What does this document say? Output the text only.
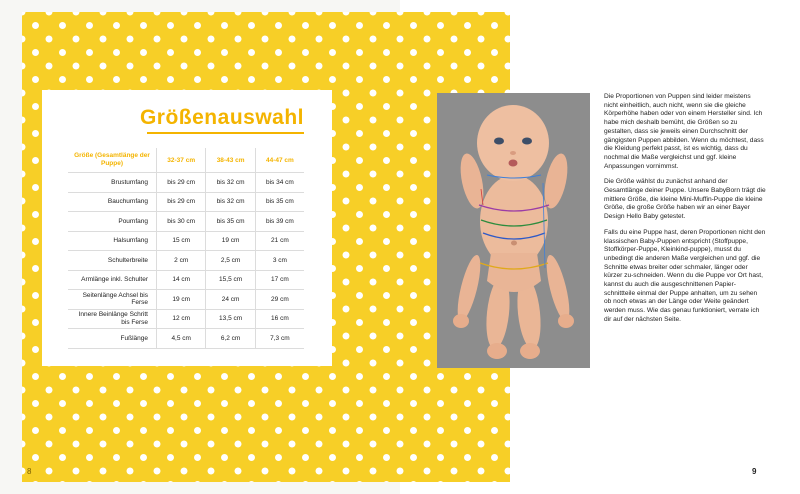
8
Größenauswahl
Größe (Gesamtlänge der Puppe)	32-37 cm	38-43 cm	44-47 cm
Brustumfang	bis 29 cm	bis 32 cm	bis 34 cm
Bauchumfang	bis 29 cm	bis 32 cm	bis 35 cm
Poumfang	bis 30 cm	bis 35 cm	bis 39 cm
Halsumfang	15 cm	19 cm	21 cm
Schulterbreite	2 cm	2,5 cm	3 cm
Armlänge inkl. Schulter	14 cm	15,5 cm	17 cm
Seitenlänge Achsel bis Ferse	19 cm	24 cm	29 cm
Innere Beinlänge Schritt bis Ferse	12 cm	13,5 cm	16 cm
Fußlänge	4,5 cm	6,2 cm	7,3 cm

Die Proportionen von Puppen sind leider meistens nicht einheitlich, auch nicht, wenn sie die gleiche Körperhöhe haben oder von einem Hersteller sind. Ich habe mich deshalb bemüht, die Größen so zu gestalten, dass sie jeweils einen Durchschnitt der gängigsten Puppen abbilden. Wenn du möchtest, dass die Kleidung perfekt passt, ist es wichtig, dass du nochmal die Maße vergleichst und ggf. kleine Anpassungen vornimmst.

Die Größe wählst du zunächst anhand der Gesamtlänge deiner Puppe. Unsere BabyBorn trägt die mittlere Größe, die kleine Mini-Muffin-Puppe die kleine Größe, die große Größe haben wir an einer Bayer Design Hello Baby getestet.

Falls du eine Puppe hast, deren Proportionen nicht den klassischen Baby-Puppen entspricht (Stoffpuppe, Stoffkörper-Puppe, Kleinkind-puppe), musst du unbedingt die anderen Maße vergleichen und ggf. die Schnitte etwas breiter oder schmaler, länger oder kürzer zu-schneiden. Wenn du die Puppe vor Ort hast, kannst du auch die ausgeschnittenen Papier-schnittteile einmal der Puppe anhalten, um zu sehen ob noch etwas an der Länge oder Weite geändert werden muss. Wie das genau funktioniert, verrate ich dir auf der nächsten Seite.

9
